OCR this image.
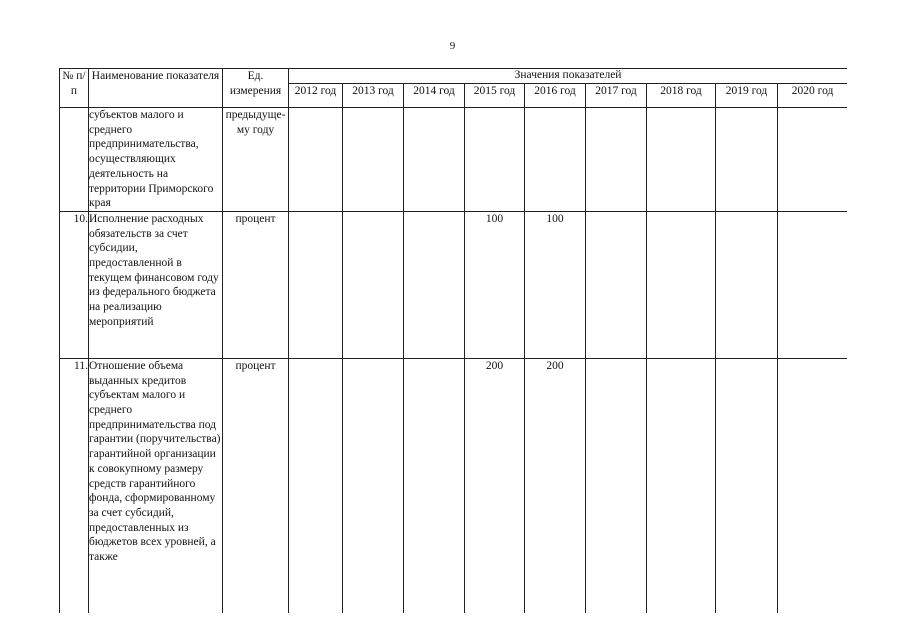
9
№ п/п	Наименование показателя	Ед. измерения	Значения показателей								
			2012 год	2013 год	2014 год	2015 год	2016 год	2017 год	2018 год	2019 год	2020 год
	субъектов малого и среднего предпринимательства, осуществляющих деятельность на территории Приморского края	предыдуще-му году									
10.	Исполнение расходных обязательств за счет субсидии, предоставленной в текущем финансовом году из федерального бюджета на реализацию мероприятий	процент				100	100				
11.	Отношение объема выданных кредитов субъектам малого и среднего предпринимательства под гарантии (поручительства) гарантийной организации к совокупному размеру средств гарантийного фонда, сформированному за счет субсидий, предоставленных из бюджетов всех уровней, а также	процент				200	200				
